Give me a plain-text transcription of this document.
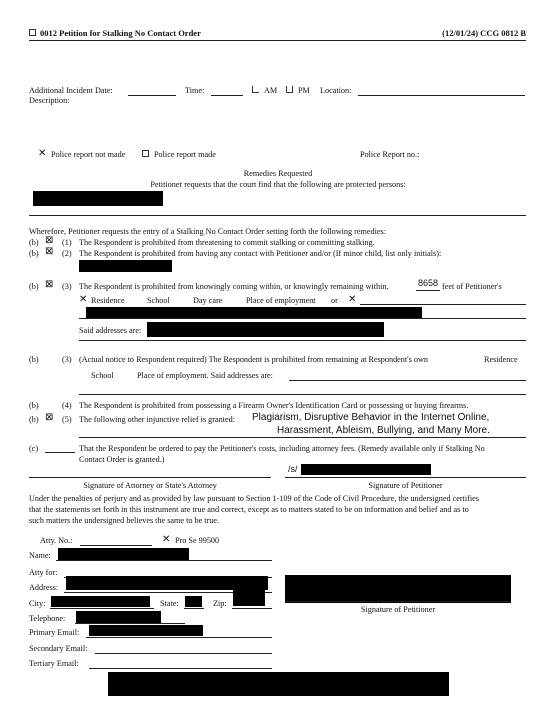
0012 Petition for Stalking No Contact Order	(12/01/24) CCG 0812 B
Additional Incident Date:	Time:	AM	PM Location:
Description:
✕ Police report not made	Police report made	Police Report no.:
Remedies Requested
Petitioner requests that the court find that the following are protected persons:
Wherefore, Petitioner requests the entry of a Stalking No Contact Order setting forth the following remedies:
(b) ⊠ (1) The Respondent is prohibited from threatening to commit stalking or committing stalking.
(b) ⊠ (2) The Respondent is prohibited from having any contact with Petitioner and/or (If minor child, list only initials):
(b) ⊠ (3) The Respondent is prohibited from knowingly coming within, or knowingly remaining within,	8658 feet of Petitioner's
✕ Residence	School	Day care	Place of employment or ✕
Said addresses are:
(b)	(3) (Actual notice to Respondent required) The Respondent is prohibited from remaining at Respondent's own	Residence
School	Place of employment. Said addresses are:
(b)	(4) The Respondent is prohibited from possessing a Firearm Owner's Identification Card or possessing or buying firearms.
(b) ⊠ (5) The following other injunctive relief is granted: Plagiarism, Disruptive Behavior in the Internet Online,
Harassment, Ableism, Bullying, and Many More.
(c)	That the Respondent be ordered to pay the Petitioner's costs, including attorney fees. (Remedy available only if Stalking No
Contact Order is granted.)
/s/
Signature of Attorney or State's Attorney	Signature of Petitioner
Under the penalties of perjury and as provided by law pursuant to Section 1-109 of the Code of Civil Procedure, the undersigned certifies
that the statements set forth in this instrument are true and correct, except as to matters stated to be on information and belief and as to
such matters the undersigned believes the same to be true.
Atty. No.:	✕ Pro Se 99500
Name:
Atty for:
Address:
City:	State:	Zip:
Telephone:
Primary Email:
Secondary Email:
Tertiary Email:
Signature of Petitioner
